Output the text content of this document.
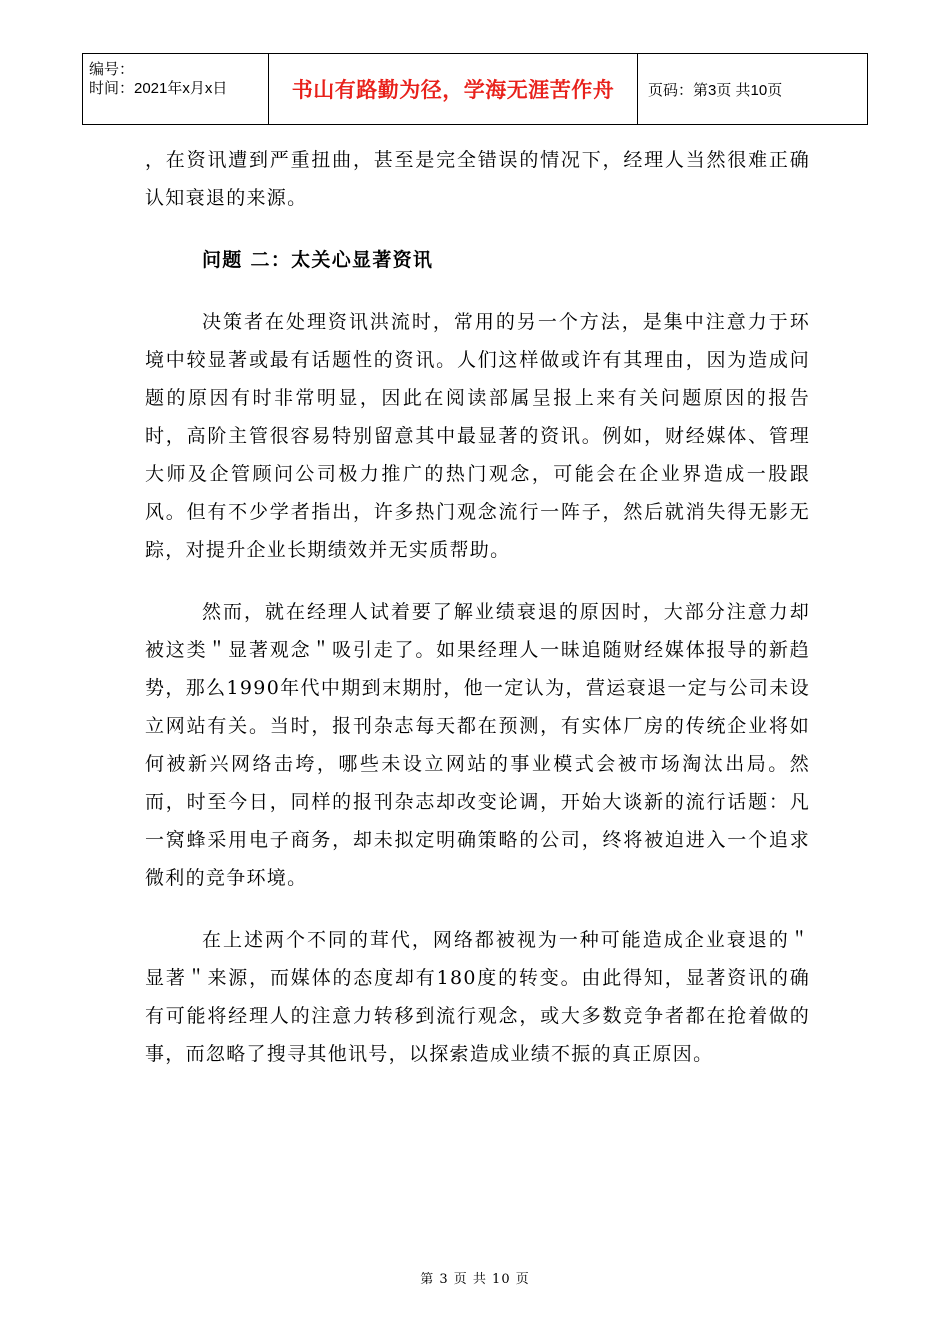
编号：
时间：2021年x月x日	书山有路勤为径，学海无涯苦作舟	页码：第3页 共10页

，在资讯遭到严重扭曲，甚至是完全错误的情况下，经理人当然很难正确认知衰退的来源。

问题 二：太关心显著资讯

决策者在处理资讯洪流时，常用的另一个方法，是集中注意力于环境中较显著或最有话题性的资讯。人们这样做或许有其理由，因为造成问题的原因有时非常明显，因此在阅读部属呈报上来有关问题原因的报告时，高阶主管很容易特别留意其中最显著的资讯。例如，财经媒体、管理大师及企管顾问公司极力推广的热门观念，可能会在企业界造成一股跟风。但有不少学者指出，许多热门观念流行一阵子，然后就消失得无影无踪，对提升企业长期绩效并无实质帮助。

然而，就在经理人试着要了解业绩衰退的原因时，大部分注意力却被这类＂显著观念＂吸引走了。如果经理人一昧追随财经媒体报导的新趋势，那么1990年代中期到末期肘，他一定认为，营运衰退一定与公司未设立网站有关。当时，报刊杂志每天都在预测，有实体厂房的传统企业将如何被新兴网络击垮，哪些未设立网站的事业模式会被市场淘汰出局。然而，时至今日，同样的报刊杂志却改变论调，开始大谈新的流行话题：凡一窝蜂采用电子商务，却未拟定明确策略的公司，终将被迫进入一个追求微利的竞争环境。

在上述两个不同的茸代，网络都被视为一种可能造成企业衰退的＂显著＂来源，而媒体的态度却有180度的转变。由此得知，显著资讯的确有可能将经理人的注意力转移到流行观念，或大多数竞争者都在抢着做的事，而忽略了搜寻其他讯号，以探索造成业绩不振的真正原因。

第 3 页 共 10 页
